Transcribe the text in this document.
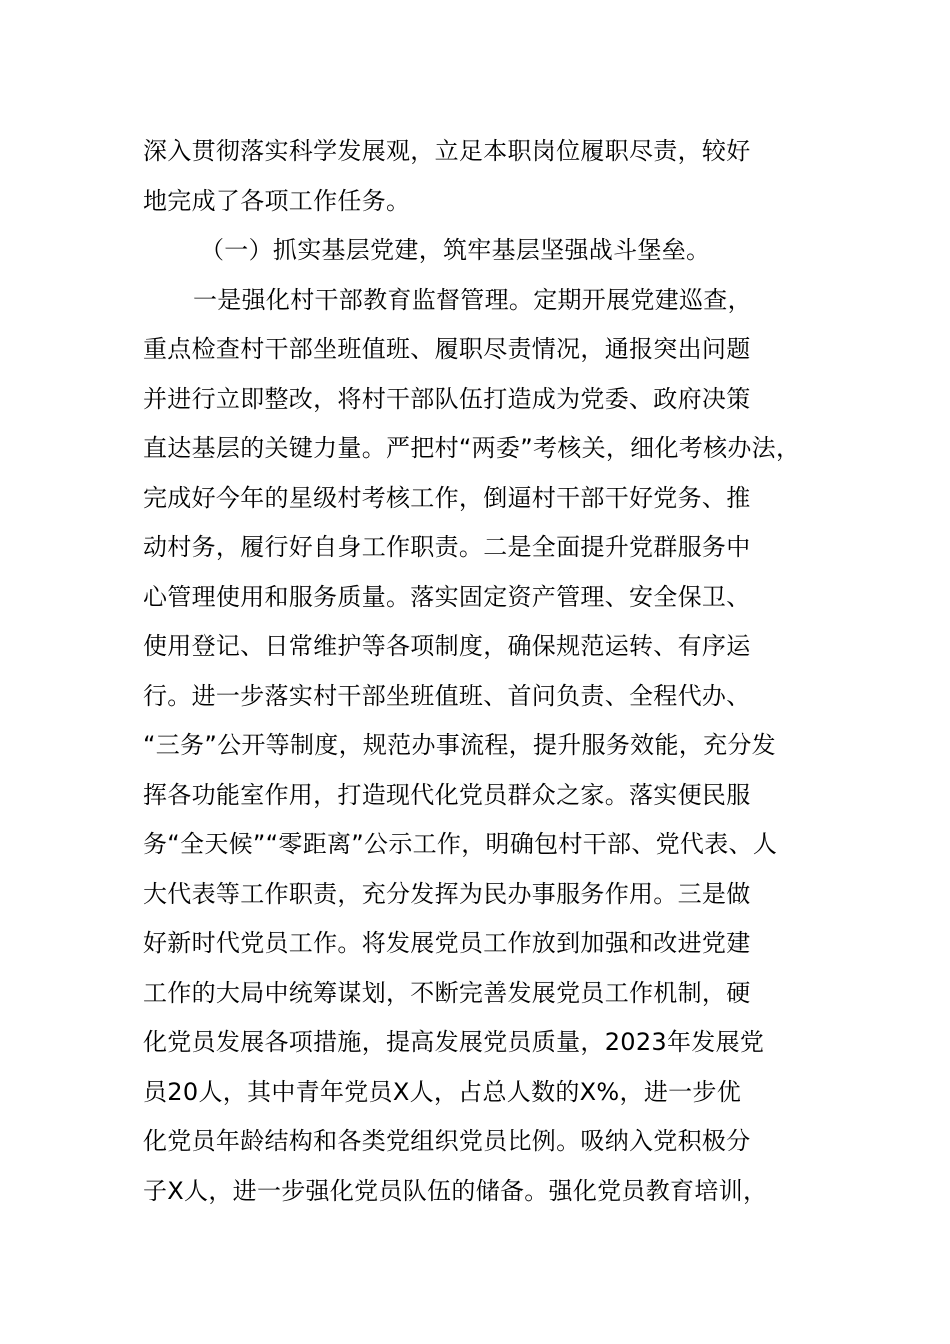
深入贯彻落实科学发展观，立足本职岗位履职尽责，较好
地完成了各项工作任务。
（一）抓实基层党建，筑牢基层坚强战斗堡垒。
一是强化村干部教育监督管理。定期开展党建巡查，
重点检查村干部坐班值班、履职尽责情况，通报突出问题
并进行立即整改，将村干部队伍打造成为党委、政府决策
直达基层的关键力量。严把村“两委”考核关，细化考核办法，
完成好今年的星级村考核工作，倒逼村干部干好党务、推
动村务，履行好自身工作职责。二是全面提升党群服务中
心管理使用和服务质量。落实固定资产管理、安全保卫、
使用登记、日常维护等各项制度，确保规范运转、有序运
行。进一步落实村干部坐班值班、首问负责、全程代办、
“三务”公开等制度，规范办事流程，提升服务效能，充分发
挥各功能室作用，打造现代化党员群众之家。落实便民服
务“全天候”“零距离”公示工作，明确包村干部、党代表、人
大代表等工作职责，充分发挥为民办事服务作用。三是做
好新时代党员工作。将发展党员工作放到加强和改进党建
工作的大局中统筹谋划，不断完善发展党员工作机制，硬
化党员发展各项措施，提高发展党员质量，2023年发展党
员20人，其中青年党员X人，占总人数的X%，进一步优
化党员年龄结构和各类党组织党员比例。吸纳入党积极分
子X人，进一步强化党员队伍的储备。强化党员教育培训，
